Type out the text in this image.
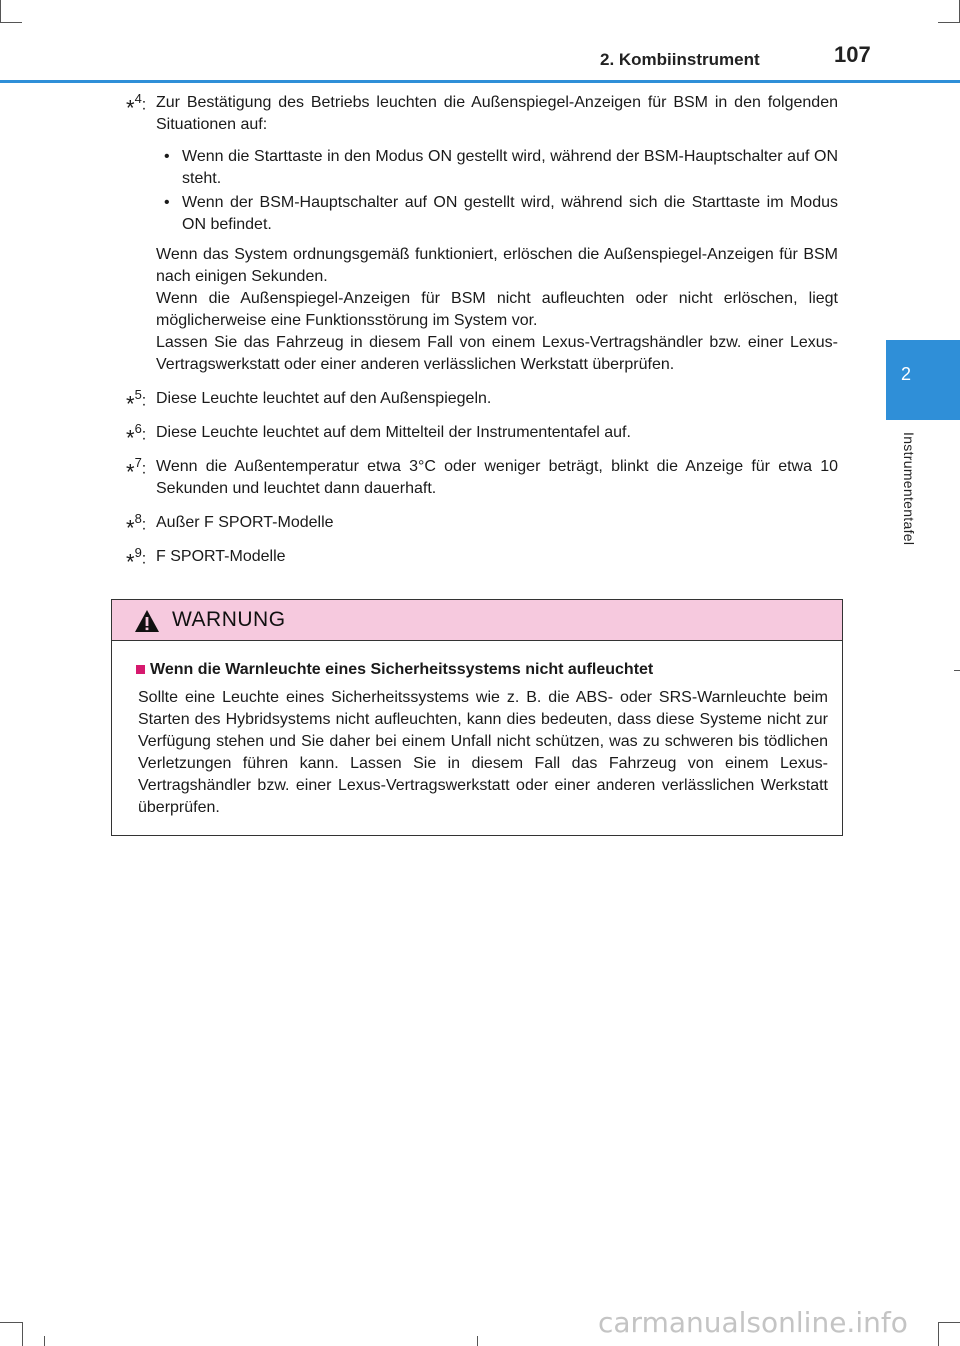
2. Kombiinstrument	107
2
Instrumententafel
*$^4$: Zur Bestätigung des Betriebs leuchten die Außenspiegel-Anzeigen für BSM in den folgenden Situationen auf:
• Wenn die Starttaste in den Modus ON gestellt wird, während der BSM-Hauptschalter auf ON steht.
• Wenn der BSM-Hauptschalter auf ON gestellt wird, während sich die Starttaste im Modus ON befindet.
Wenn das System ordnungsgemäß funktioniert, erlöschen die Außenspiegel-Anzeigen für BSM nach einigen Sekunden.
Wenn die Außenspiegel-Anzeigen für BSM nicht aufleuchten oder nicht erlöschen, liegt möglicherweise eine Funktionsstörung im System vor.
Lassen Sie das Fahrzeug in diesem Fall von einem Lexus-Vertragshändler bzw. einer Lexus-Vertragswerkstatt oder einer anderen verlässlichen Werkstatt überprüfen.
*$^5$: Diese Leuchte leuchtet auf den Außenspiegeln.
*$^6$: Diese Leuchte leuchtet auf dem Mittelteil der Instrumententafel auf.
*$^7$: Wenn die Außentemperatur etwa 3°C oder weniger beträgt, blinkt die Anzeige für etwa 10 Sekunden und leuchtet dann dauerhaft.
*$^8$: Außer F SPORT-Modelle
*$^9$: F SPORT-Modelle
WARNUNG
Wenn die Warnleuchte eines Sicherheitssystems nicht aufleuchtet
Sollte eine Leuchte eines Sicherheitssystems wie z. B. die ABS- oder SRS-Warnleuchte beim Starten des Hybridsystems nicht aufleuchten, kann dies bedeuten, dass diese Systeme nicht zur Verfügung stehen und Sie daher bei einem Unfall nicht schützen, was zu schweren bis tödlichen Verletzungen führen kann. Lassen Sie in diesem Fall das Fahrzeug von einem Lexus-Vertragshändler bzw. einer Lexus-Vertragswerkstatt oder einer anderen verlässlichen Werkstatt überprüfen.
carmanualsonline.info
